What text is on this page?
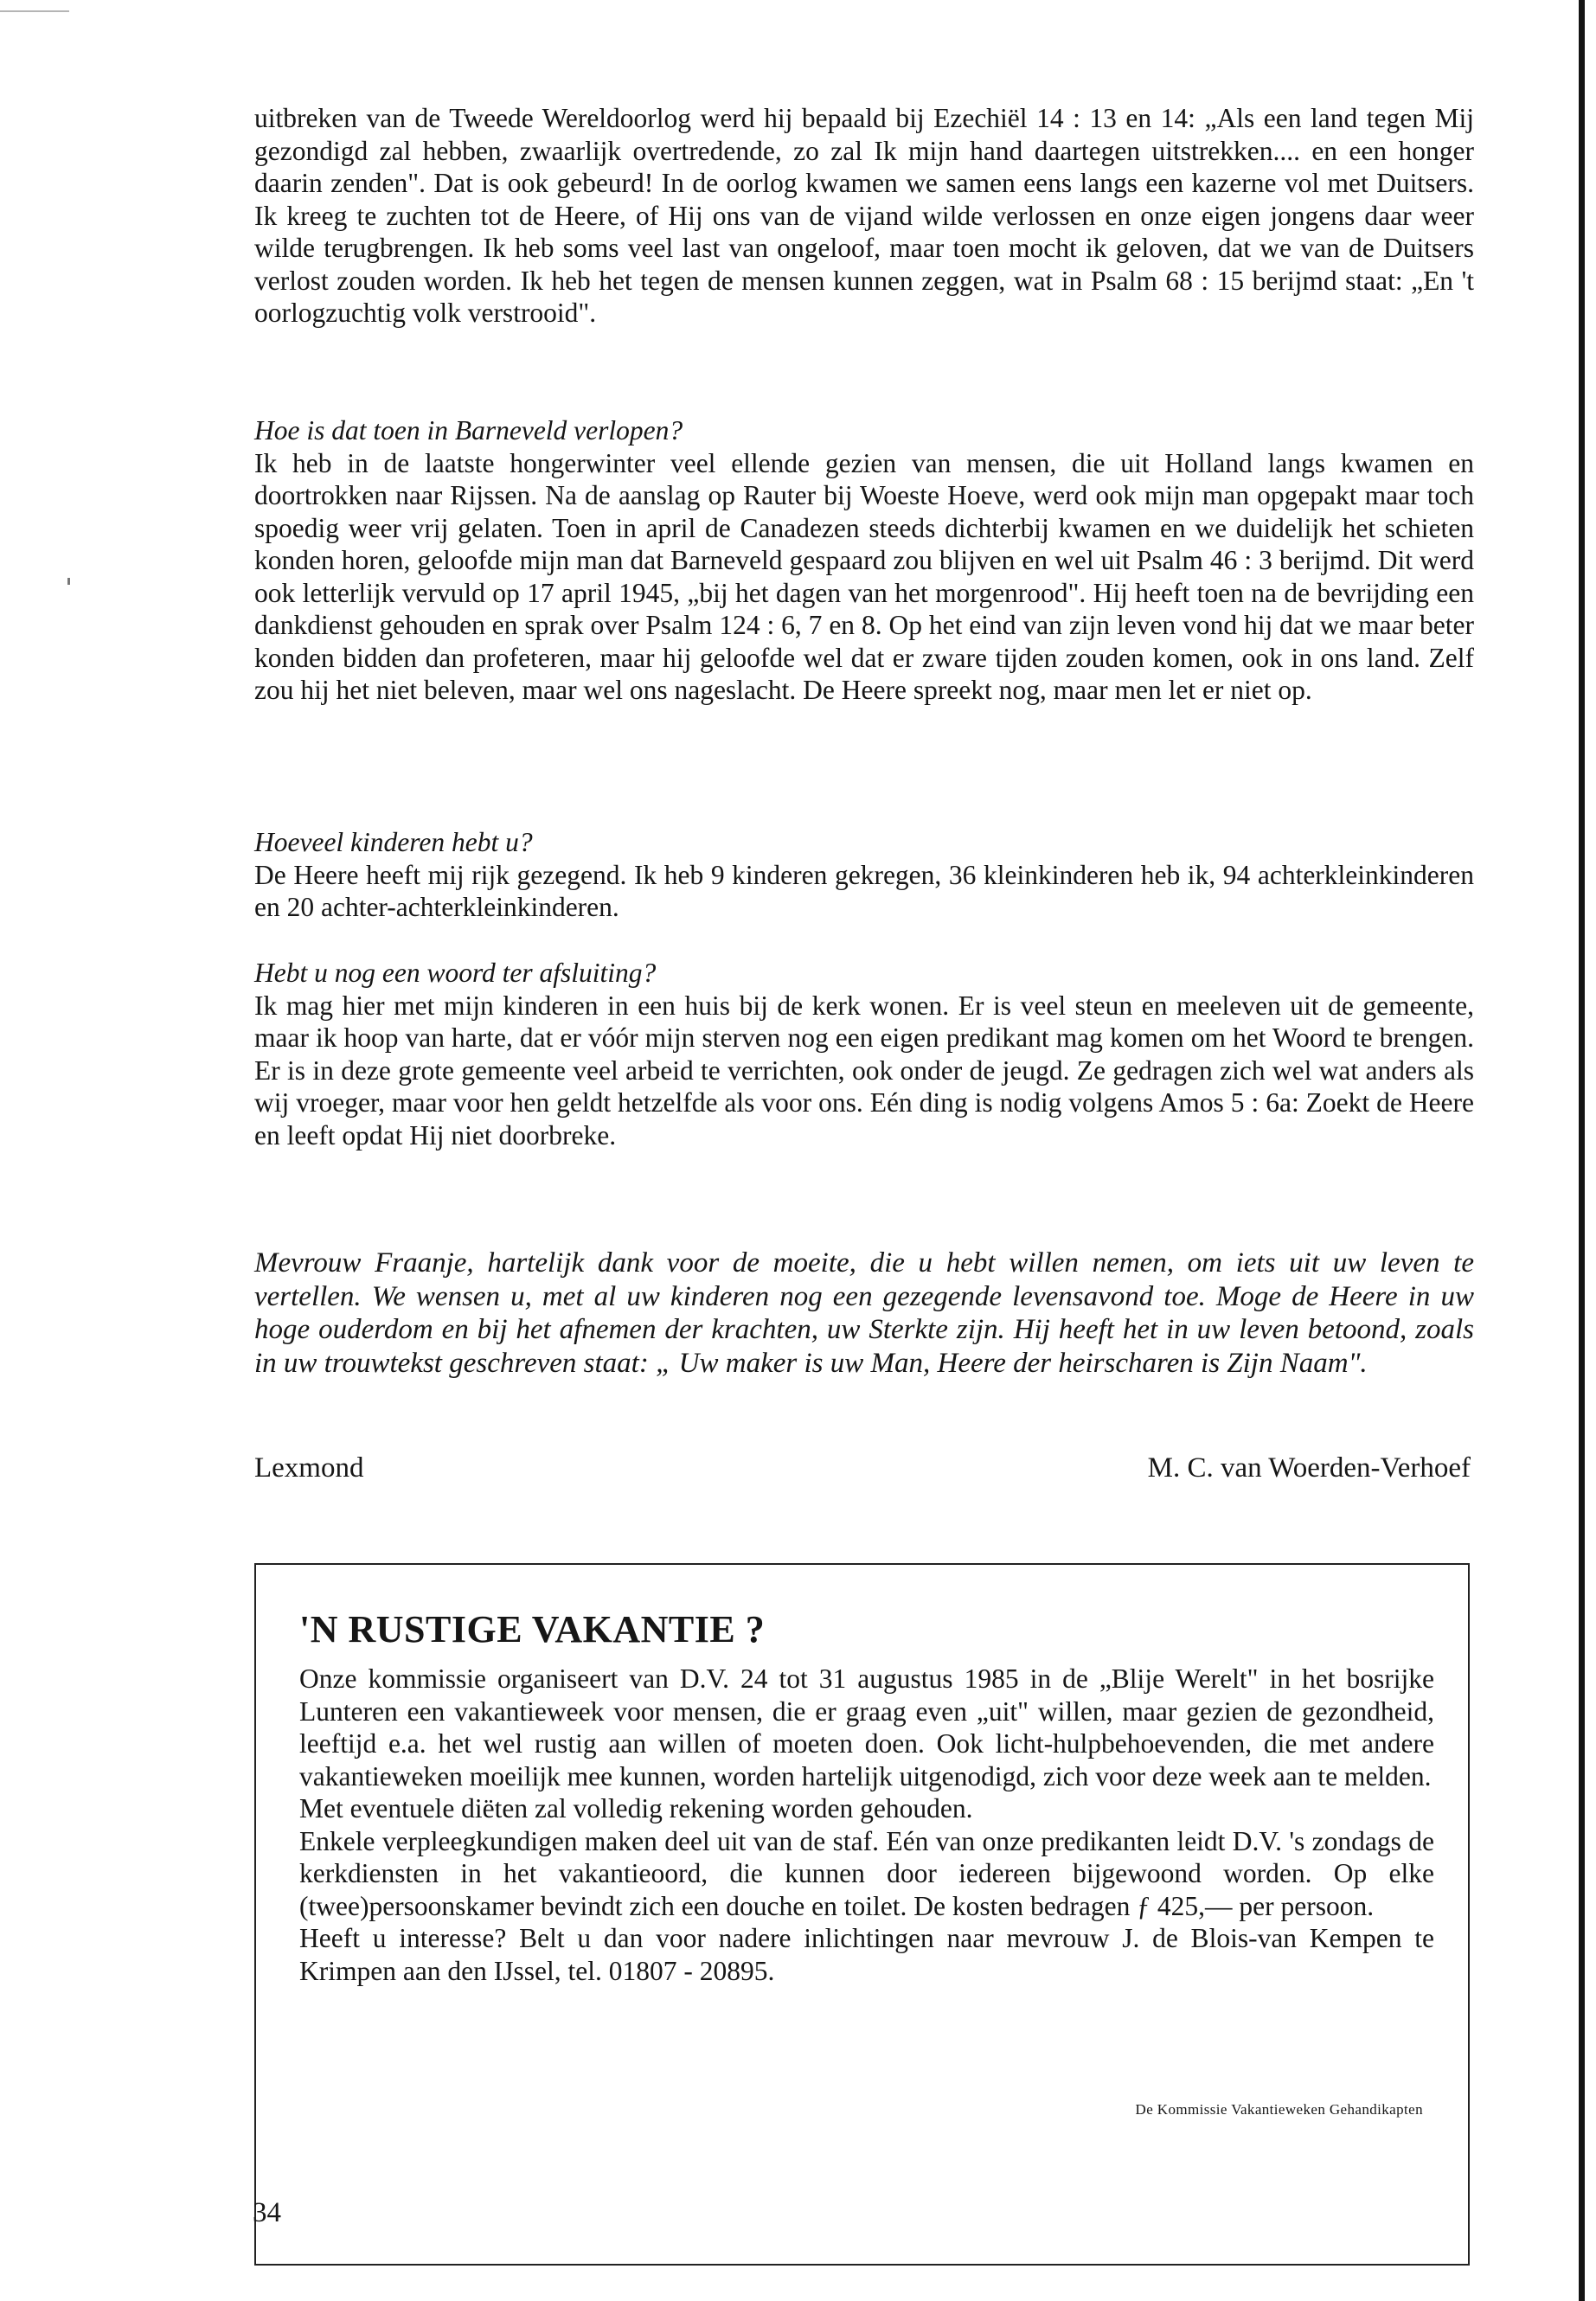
uitbreken van de Tweede Wereldoorlog werd hij bepaald bij Ezechiël 14 : 13 en 14: „Als een land tegen Mij gezondigd zal hebben, zwaarlijk overtredende, zo zal Ik mijn hand daartegen uitstrekken.... en een honger daarin zenden". Dat is ook gebeurd! In de oorlog kwamen we samen eens langs een kazerne vol met Duitsers. Ik kreeg te zuchten tot de Heere, of Hij ons van de vijand wilde verlossen en onze eigen jongens daar weer wilde terugbrengen. Ik heb soms veel last van ongeloof, maar toen mocht ik geloven, dat we van de Duitsers verlost zouden worden. Ik heb het tegen de mensen kunnen zeggen, wat in Psalm 68 : 15 berijmd staat: „En 't oorlogzuchtig volk verstrooid".

Hoe is dat toen in Barneveld verlopen?

Ik heb in de laatste hongerwinter veel ellende gezien van mensen, die uit Holland langs kwamen en doortrokken naar Rijssen. Na de aanslag op Rauter bij Woeste Hoeve, werd ook mijn man opgepakt maar toch spoedig weer vrij gelaten. Toen in april de Canadezen steeds dichterbij kwamen en we duidelijk het schieten konden horen, geloofde mijn man dat Barneveld gespaard zou blijven en wel uit Psalm 46 : 3 berijmd. Dit werd ook letterlijk vervuld op 17 april 1945, „bij het dagen van het morgenrood". Hij heeft toen na de bevrijding een dankdienst gehouden en sprak over Psalm 124 : 6, 7 en 8. Op het eind van zijn leven vond hij dat we maar beter konden bidden dan profeteren, maar hij geloofde wel dat er zware tijden zouden komen, ook in ons land. Zelf zou hij het niet beleven, maar wel ons nageslacht. De Heere spreekt nog, maar men let er niet op.

Hoeveel kinderen hebt u?

De Heere heeft mij rijk gezegend. Ik heb 9 kinderen gekregen, 36 kleinkinderen heb ik, 94 achterkleinkinderen en 20 achter-achterkleinkinderen.

Hebt u nog een woord ter afsluiting?

Ik mag hier met mijn kinderen in een huis bij de kerk wonen. Er is veel steun en meeleven uit de gemeente, maar ik hoop van harte, dat er vóór mijn sterven nog een eigen predikant mag komen om het Woord te brengen. Er is in deze grote gemeente veel arbeid te verrichten, ook onder de jeugd. Ze gedragen zich wel wat anders als wij vroeger, maar voor hen geldt hetzelfde als voor ons. Eén ding is nodig volgens Amos 5 : 6a: Zoekt de Heere en leeft opdat Hij niet doorbreke.

Mevrouw Fraanje, hartelijk dank voor de moeite, die u hebt willen nemen, om iets uit uw leven te vertellen. We wensen u, met al uw kinderen nog een gezegende levensavond toe. Moge de Heere in uw hoge ouderdom en bij het afnemen der krachten, uw Sterkte zijn. Hij heeft het in uw leven betoond, zoals in uw trouwtekst geschreven staat: „ Uw maker is uw Man, Heere der heirscharen is Zijn Naam".

Lexmond	M. C. van Woerden-Verhoef
'N RUSTIGE VAKANTIE ?

Onze kommissie organiseert van D.V. 24 tot 31 augustus 1985 in de „Blije Werelt" in het bosrijke Lunteren een vakantieweek voor mensen, die er graag even „uit" willen, maar gezien de gezondheid, leeftijd e.a. het wel rustig aan willen of moeten doen. Ook licht-hulpbehoevenden, die met andere vakantieweken moeilijk mee kunnen, worden hartelijk uitgenodigd, zich voor deze week aan te melden.

Met eventuele diëten zal volledig rekening worden gehouden.

Enkele verpleegkundigen maken deel uit van de staf. Eén van onze predikanten leidt D.V. 's zondags de kerkdiensten in het vakantieoord, die kunnen door iedereen bijgewoond worden. Op elke (twee)persoonskamer bevindt zich een douche en toilet. De kosten bedragen ƒ 425,— per persoon.

Heeft u interesse? Belt u dan voor nadere inlichtingen naar mevrouw J. de Blois-van Kempen te Krimpen aan den IJssel, tel. 01807 - 20895.

De Kommissie Vakantieweken Gehandikapten
34
